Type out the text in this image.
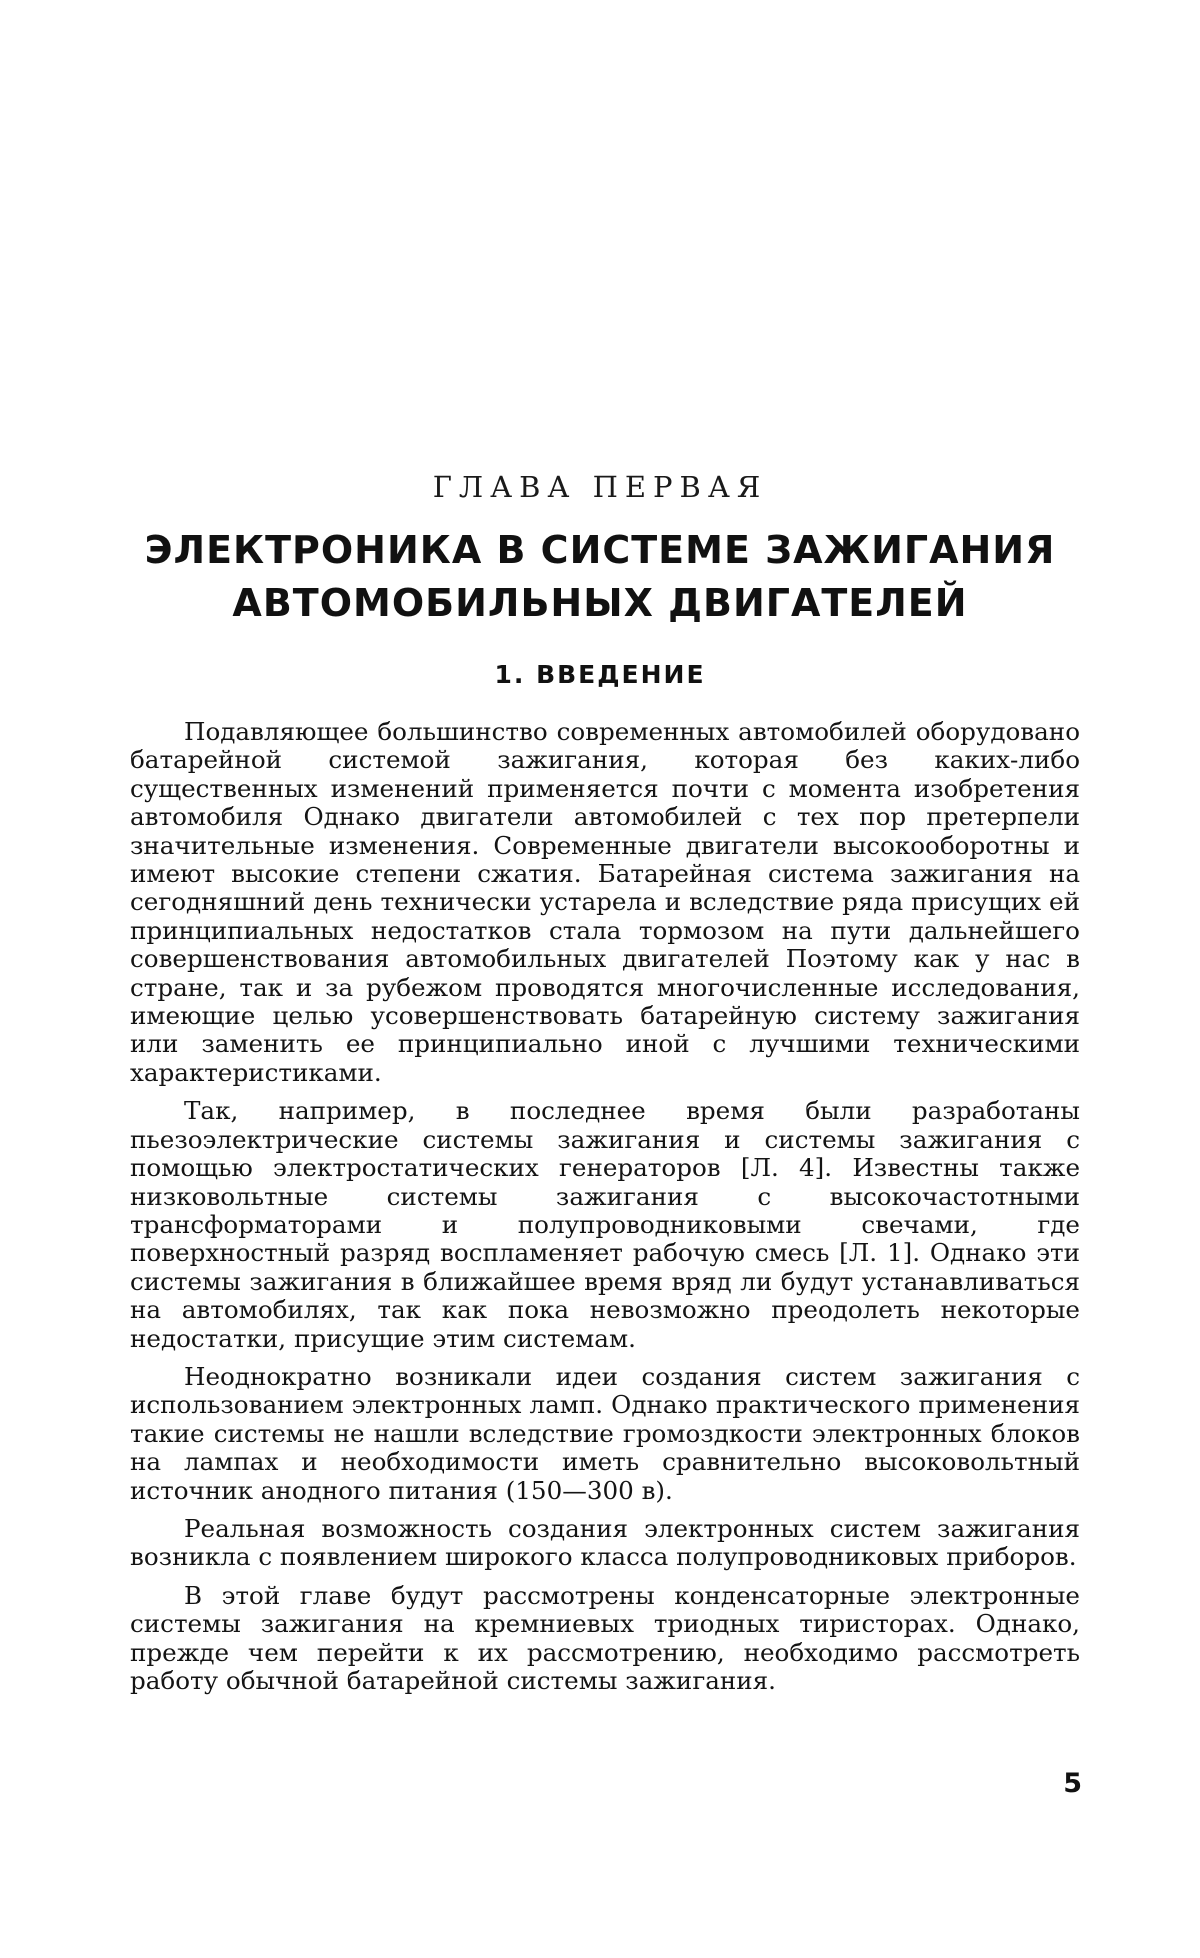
ГЛАВА ПЕРВАЯ
ЭЛЕКТРОНИКА В СИСТЕМЕ ЗАЖИГАНИЯ
АВТОМОБИЛЬНЫХ ДВИГАТЕЛЕЙ
1. ВВЕДЕНИЕ

Подавляющее большинство современных автомобилей оборудовано батарейной системой зажигания, которая без каких-либо существенных изменений применяется почти с момента изобретения автомобиля Однако двигатели автомобилей с тех пор претерпели значительные изменения. Современные двигатели высокооборотны и имеют высокие степени сжатия. Батарейная система зажигания на сегодняшний день технически устарела и вследствие ряда присущих ей принципиальных недостатков стала тормозом на пути дальнейшего совершенствования автомобильных двигателей Поэтому как у нас в стране, так и за рубежом проводятся многочисленные исследования, имеющие целью усовершенствовать батарейную систему зажигания или заменить ее принципиально иной с лучшими техническими характеристиками.

Так, например, в последнее время были разработаны пьезоэлектрические системы зажигания и системы зажигания с помощью электростатических генераторов [Л. 4]. Известны также низковольтные системы зажигания с высокочастотными трансформаторами и полупроводниковыми свечами, где поверхностный разряд воспламеняет рабочую смесь [Л. 1]. Однако эти системы зажигания в ближайшее время вряд ли будут устанавливаться на автомобилях, так как пока невозможно преодолеть некоторые недостатки, присущие этим системам.

Неоднократно возникали идеи создания систем зажигания с использованием электронных ламп. Однако практического применения такие системы не нашли вследствие громоздкости электронных блоков на лампах и необходимости иметь сравнительно высоковольтный источник анодного питания (150—300 в).

Реальная возможность создания электронных систем зажигания возникла с появлением широкого класса полупроводниковых приборов.

В этой главе будут рассмотрены конденсаторные электронные системы зажигания на кремниевых триодных тиристорах. Однако, прежде чем перейти к их рассмотрению, необходимо рассмотреть работу обычной батарейной системы зажигания.

5
